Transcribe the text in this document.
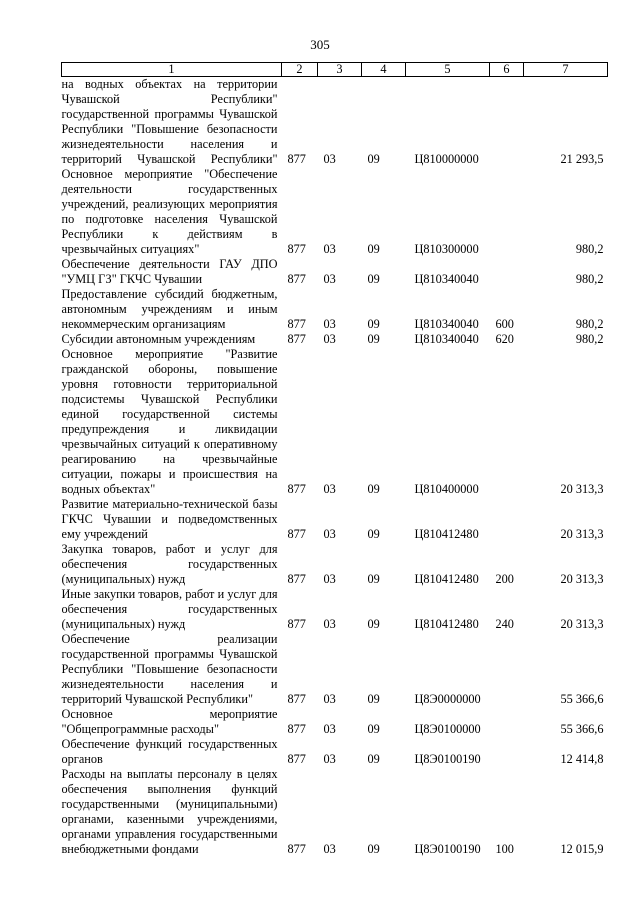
305
1	2	3	4	5	6	7
на водных объектах на территории Чувашской Республики" государственной программы Чувашской Республики "Повышение безопасности жизнедеятельности населения и территорий Чувашской Республики"	877	03	09	Ц810000000		21 293,5
Основное мероприятие "Обеспечение деятельности государственных учреждений, реализующих мероприятия по подготовке населения Чувашской Республики к действиям в чрезвычайных ситуациях"	877	03	09	Ц810300000		980,2
Обеспечение деятельности ГАУ ДПО "УМЦ ГЗ" ГКЧС Чувашии	877	03	09	Ц810340040		980,2
Предоставление субсидий бюджетным, автономным учреждениям и иным некоммерческим организациям	877	03	09	Ц810340040	600	980,2
Субсидии автономным учреждениям	877	03	09	Ц810340040	620	980,2
Основное мероприятие "Развитие гражданской обороны, повышение уровня готовности территориальной подсистемы Чувашской Республики единой государственной системы предупреждения и ликвидации чрезвычайных ситуаций к оперативному реагированию на чрезвычайные ситуации, пожары и происшествия на водных объектах"	877	03	09	Ц810400000		20 313,3
Развитие материально-технической базы ГКЧС Чувашии и подведомственных ему учреждений	877	03	09	Ц810412480		20 313,3
Закупка товаров, работ и услуг для обеспечения государственных (муниципальных) нужд	877	03	09	Ц810412480	200	20 313,3
Иные закупки товаров, работ и услуг для обеспечения государственных (муниципальных) нужд	877	03	09	Ц810412480	240	20 313,3
Обеспечение реализации государственной программы Чувашской Республики "Повышение безопасности жизнедеятельности населения и территорий Чувашской Республики"	877	03	09	Ц8Э0000000		55 366,6
Основное мероприятие "Общепрограммные расходы"	877	03	09	Ц8Э0100000		55 366,6
Обеспечение функций государственных органов	877	03	09	Ц8Э0100190		12 414,8
Расходы на выплаты персоналу в целях обеспечения выполнения функций государственными (муниципальными) органами, казенными учреждениями, органами управления государственными внебюджетными фондами	877	03	09	Ц8Э0100190	100	12 015,9
